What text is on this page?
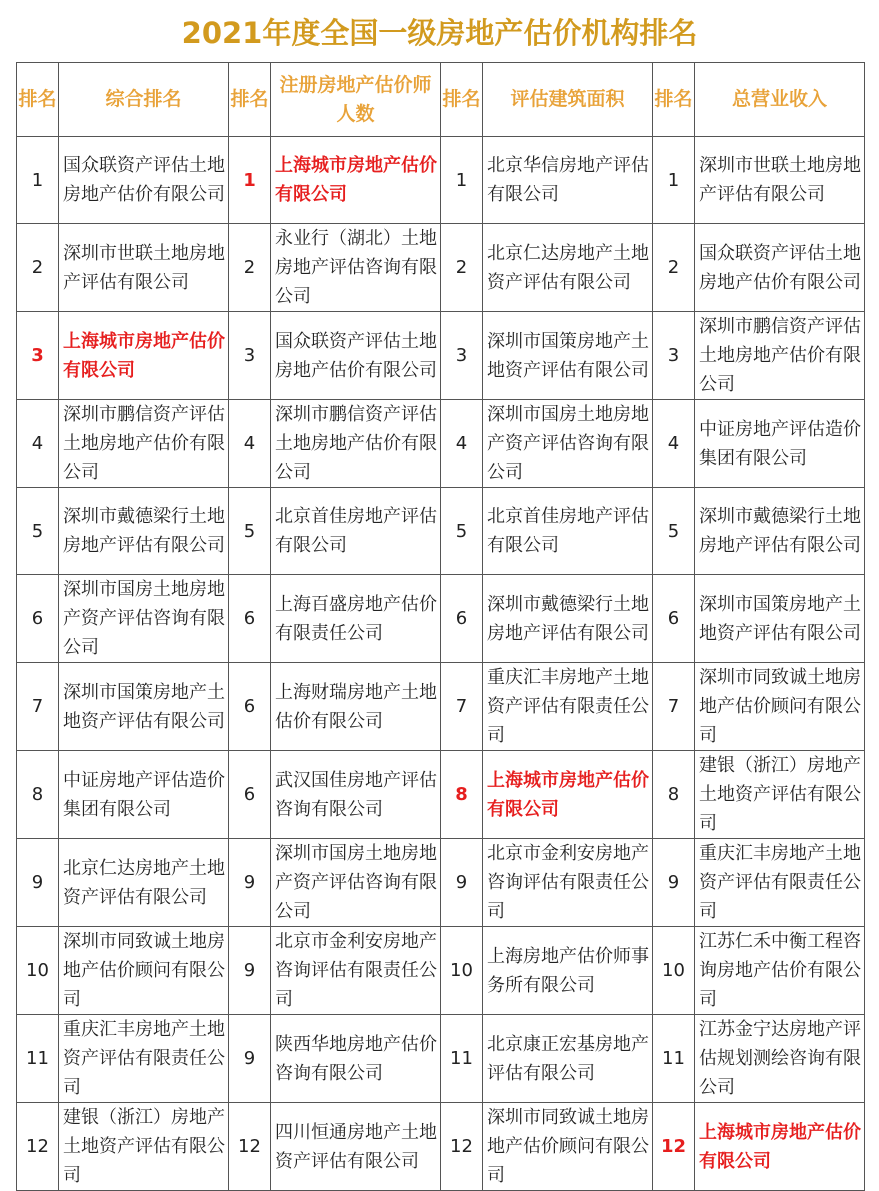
2021年度全国一级房地产估价机构排名
排名	综合排名	排名	注册房地产估价师人数	排名	评估建筑面积	排名	总营业收入
1	国众联资产评估土地房地产估价有限公司	1	上海城市房地产估价有限公司	1	北京华信房地产评估有限公司	1	深圳市世联土地房地产评估有限公司
2	深圳市世联土地房地产评估有限公司	2	永业行（湖北）土地房地产评估咨询有限公司	2	北京仁达房地产土地资产评估有限公司	2	国众联资产评估土地房地产估价有限公司
3	上海城市房地产估价有限公司	3	国众联资产评估土地房地产估价有限公司	3	深圳市国策房地产土地资产评估有限公司	3	深圳市鹏信资产评估土地房地产估价有限公司
4	深圳市鹏信资产评估土地房地产估价有限公司	4	深圳市鹏信资产评估土地房地产估价有限公司	4	深圳市国房土地房地产资产评估咨询有限公司	4	中证房地产评估造价集团有限公司
5	深圳市戴德梁行土地房地产评估有限公司	5	北京首佳房地产评估有限公司	5	北京首佳房地产评估有限公司	5	深圳市戴德梁行土地房地产评估有限公司
6	深圳市国房土地房地产资产评估咨询有限公司	6	上海百盛房地产估价有限责任公司	6	深圳市戴德梁行土地房地产评估有限公司	6	深圳市国策房地产土地资产评估有限公司
7	深圳市国策房地产土地资产评估有限公司	6	上海财瑞房地产土地估价有限公司	7	重庆汇丰房地产土地资产评估有限责任公司	7	深圳市同致诚土地房地产估价顾问有限公司
8	中证房地产评估造价集团有限公司	6	武汉国佳房地产评估咨询有限公司	8	上海城市房地产估价有限公司	8	建银（浙江）房地产土地资产评估有限公司
9	北京仁达房地产土地资产评估有限公司	9	深圳市国房土地房地产资产评估咨询有限公司	9	北京市金利安房地产咨询评估有限责任公司	9	重庆汇丰房地产土地资产评估有限责任公司
10	深圳市同致诚土地房地产估价顾问有限公司	9	北京市金利安房地产咨询评估有限责任公司	10	上海房地产估价师事务所有限公司	10	江苏仁禾中衡工程咨询房地产估价有限公司
11	重庆汇丰房地产土地资产评估有限责任公司	9	陕西华地房地产估价咨询有限公司	11	北京康正宏基房地产评估有限公司	11	江苏金宁达房地产评估规划测绘咨询有限公司
12	建银（浙江）房地产土地资产评估有限公司	12	四川恒通房地产土地资产评估有限公司	12	深圳市同致诚土地房地产估价顾问有限公司	12	上海城市房地产估价有限公司
